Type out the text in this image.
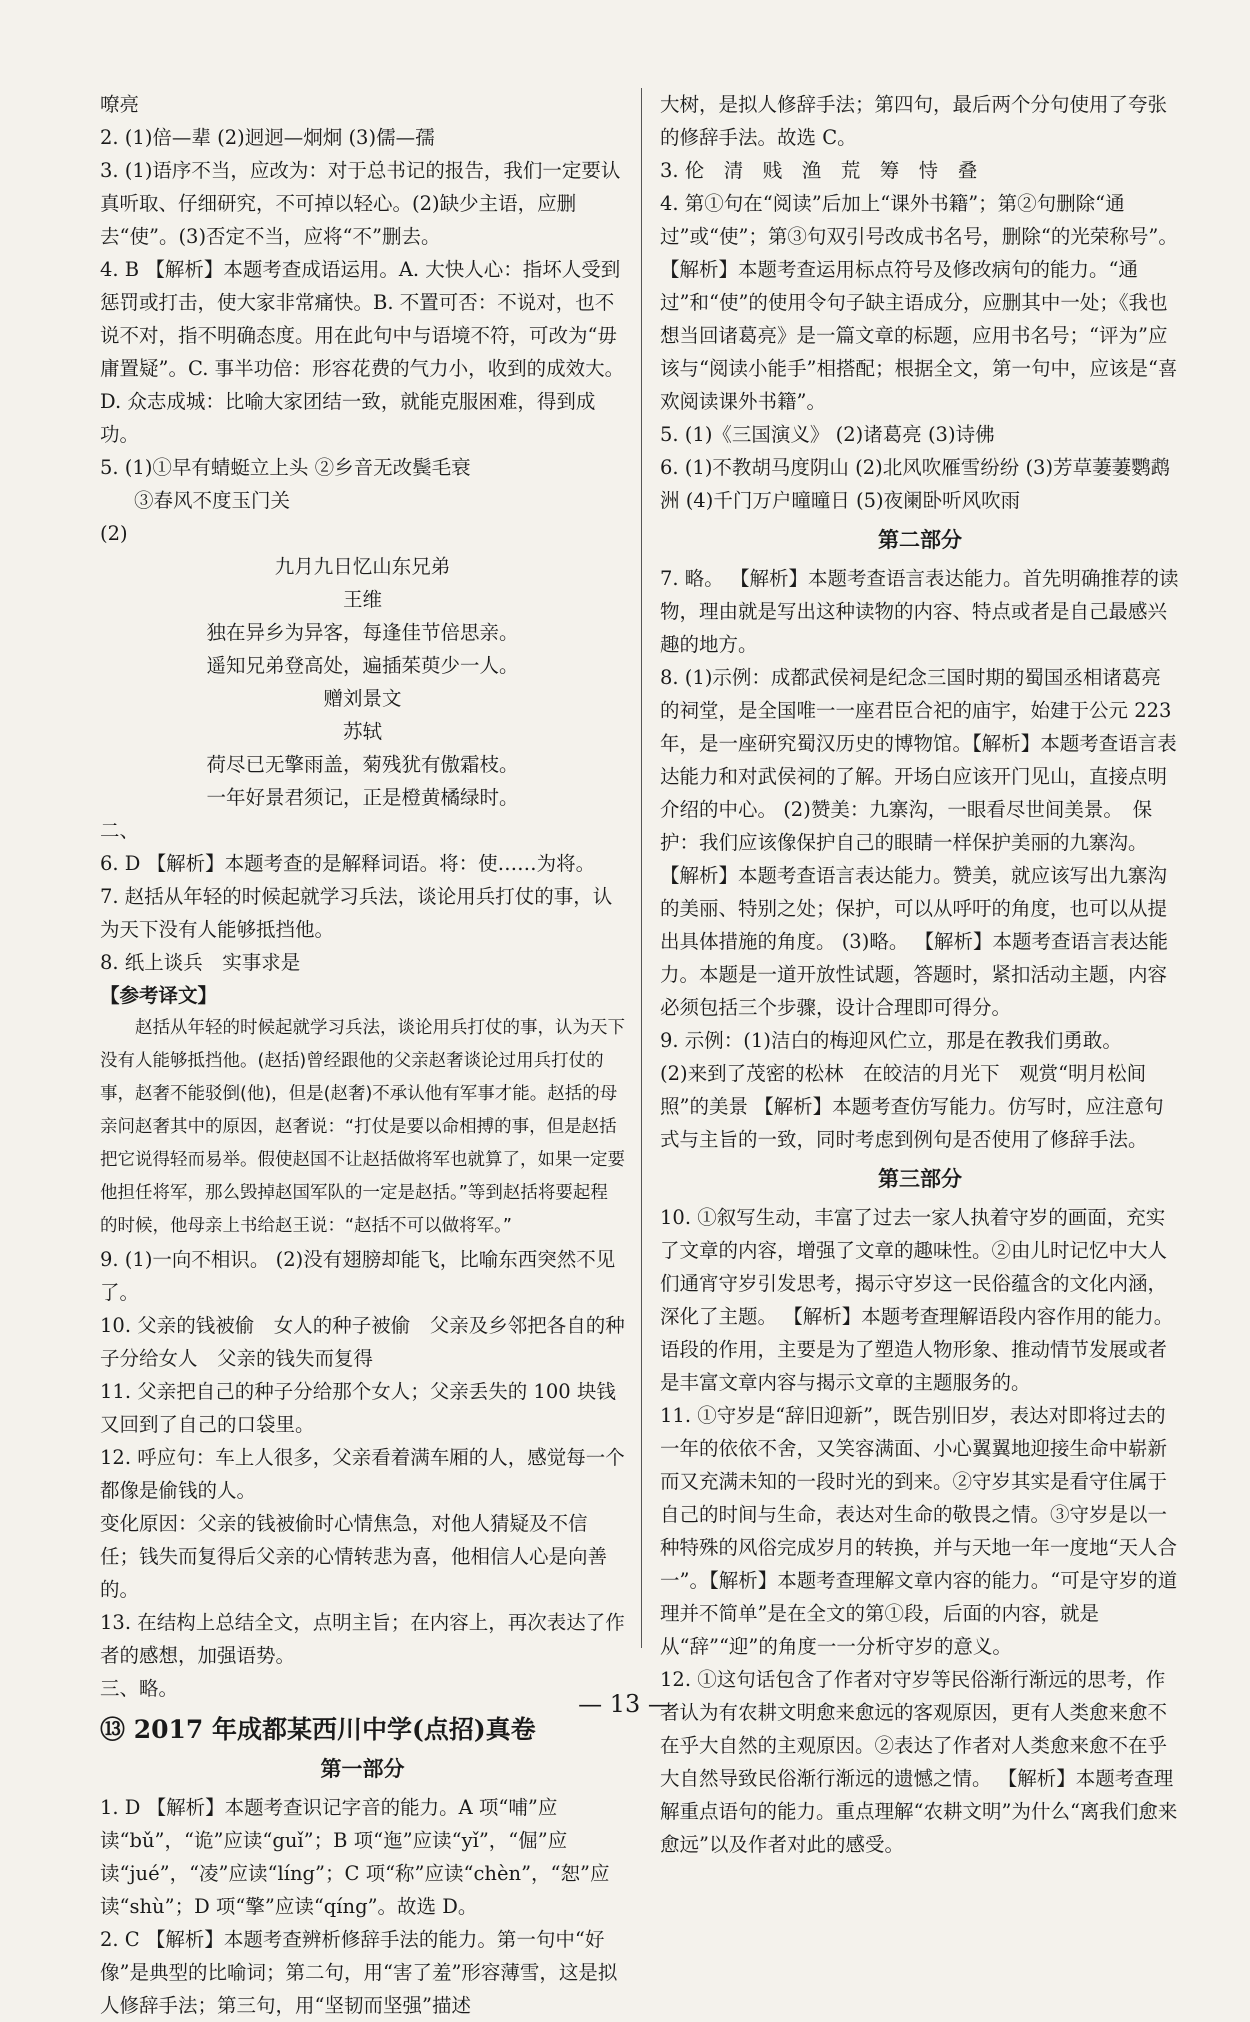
嘹亮

2. (1)倍—辈 (2)迥迥—炯炯 (3)儒—孺

3. (1)语序不当，应改为：对于总书记的报告，我们一定要认真听取、仔细研究，不可掉以轻心。(2)缺少主语，应删去“使”。(3)否定不当，应将“不”删去。

4. B 【解析】本题考查成语运用。A. 大快人心：指坏人受到惩罚或打击，使大家非常痛快。B. 不置可否：不说对，也不说不对，指不明确态度。用在此句中与语境不符，可改为“毋庸置疑”。C. 事半功倍：形容花费的气力小，收到的成效大。D. 众志成城：比喻大家团结一致，就能克服困难，得到成功。

5. (1)①早有蜻蜓立上头 ②乡音无改鬓毛衰

③春风不度玉门关

(2)

九月九日忆山东兄弟

王维

独在异乡为异客，每逢佳节倍思亲。

遥知兄弟登高处，遍插茱萸少一人。

赠刘景文

苏轼

荷尽已无擎雨盖，菊残犹有傲霜枝。

一年好景君须记，正是橙黄橘绿时。

二、

6. D 【解析】本题考查的是解释词语。将：使……为将。

7. 赵括从年轻的时候起就学习兵法，谈论用兵打仗的事，认为天下没有人能够抵挡他。

8. 纸上谈兵　实事求是

【参考译文】

赵括从年轻的时候起就学习兵法，谈论用兵打仗的事，认为天下没有人能够抵挡他。(赵括)曾经跟他的父亲赵奢谈论过用兵打仗的事，赵奢不能驳倒(他)，但是(赵奢)不承认他有军事才能。赵括的母亲问赵奢其中的原因，赵奢说：“打仗是要以命相搏的事，但是赵括把它说得轻而易举。假使赵国不让赵括做将军也就算了，如果一定要他担任将军，那么毁掉赵国军队的一定是赵括。”等到赵括将要起程的时候，他母亲上书给赵王说：“赵括不可以做将军。”

9. (1)一向不相识。 (2)没有翅膀却能飞，比喻东西突然不见了。

10. 父亲的钱被偷　女人的种子被偷　父亲及乡邻把各自的种子分给女人　父亲的钱失而复得

11. 父亲把自己的种子分给那个女人；父亲丢失的 100 块钱又回到了自己的口袋里。

12. 呼应句：车上人很多，父亲看着满车厢的人，感觉每一个都像是偷钱的人。

变化原因：父亲的钱被偷时心情焦急，对他人猜疑及不信任；钱失而复得后父亲的心情转悲为喜，他相信人心是向善的。

13. 在结构上总结全文，点明主旨；在内容上，再次表达了作者的感想，加强语势。

三、略。

⑬ 2017 年成都某西川中学(点招)真卷

第一部分

1. D 【解析】本题考查识记字音的能力。A 项“哺”应读“bǔ”，“诡”应读“guǐ”；B 项“迤”应读“yǐ”，“倔”应读“jué”，“凌”应读“líng”；C 项“称”应读“chèn”，“恕”应读“shù”；D 项“擎”应读“qíng”。故选 D。

2. C 【解析】本题考查辨析修辞手法的能力。第一句中“好像”是典型的比喻词；第二句，用“害了羞”形容薄雪，这是拟人修辞手法；第三句，用“坚韧而坚强”描述

大树，是拟人修辞手法；第四句，最后两个分句使用了夸张的修辞手法。故选 C。

3. 伦　清　贱　渔　荒　筹　恃　叠

4. 第①句在“阅读”后加上“课外书籍”；第②句删除“通过”或“使”；第③句双引号改成书名号，删除“的光荣称号”。【解析】本题考查运用标点符号及修改病句的能力。“通过”和“使”的使用令句子缺主语成分，应删其中一处；《我也想当回诸葛亮》是一篇文章的标题，应用书名号；“评为”应该与“阅读小能手”相搭配；根据全文，第一句中，应该是“喜欢阅读课外书籍”。

5. (1)《三国演义》 (2)诸葛亮 (3)诗佛

6. (1)不教胡马度阴山 (2)北风吹雁雪纷纷 (3)芳草萋萋鹦鹉洲 (4)千门万户曈曈日 (5)夜阑卧听风吹雨

第二部分

7. 略。 【解析】本题考查语言表达能力。首先明确推荐的读物，理由就是写出这种读物的内容、特点或者是自己最感兴趣的地方。

8. (1)示例：成都武侯祠是纪念三国时期的蜀国丞相诸葛亮的祠堂，是全国唯一一座君臣合祀的庙宇，始建于公元 223 年，是一座研究蜀汉历史的博物馆。【解析】本题考查语言表达能力和对武侯祠的了解。开场白应该开门见山，直接点明介绍的中心。 (2)赞美：九寨沟，一眼看尽世间美景。　保护：我们应该像保护自己的眼睛一样保护美丽的九寨沟。 【解析】本题考查语言表达能力。赞美，就应该写出九寨沟的美丽、特别之处；保护，可以从呼吁的角度，也可以从提出具体措施的角度。 (3)略。 【解析】本题考查语言表达能力。本题是一道开放性试题，答题时，紧扣活动主题，内容必须包括三个步骤，设计合理即可得分。

9. 示例：(1)洁白的梅迎风伫立，那是在教我们勇敢。

(2)来到了茂密的松林　在皎洁的月光下　观赏“明月松间照”的美景 【解析】本题考查仿写能力。仿写时，应注意句式与主旨的一致，同时考虑到例句是否使用了修辞手法。

第三部分

10. ①叙写生动，丰富了过去一家人执着守岁的画面，充实了文章的内容，增强了文章的趣味性。②由儿时记忆中大人们通宵守岁引发思考，揭示守岁这一民俗蕴含的文化内涵，深化了主题。 【解析】本题考查理解语段内容作用的能力。语段的作用，主要是为了塑造人物形象、推动情节发展或者是丰富文章内容与揭示文章的主题服务的。

11. ①守岁是“辞旧迎新”，既告别旧岁，表达对即将过去的一年的依依不舍，又笑容满面、小心翼翼地迎接生命中崭新而又充满未知的一段时光的到来。②守岁其实是看守住属于自己的时间与生命，表达对生命的敬畏之情。③守岁是以一种特殊的风俗完成岁月的转换，并与天地一年一度地“天人合一”。【解析】本题考查理解文章内容的能力。“可是守岁的道理并不简单”是在全文的第①段，后面的内容，就是从“辞”“迎”的角度一一分析守岁的意义。

12. ①这句话包含了作者对守岁等民俗渐行渐远的思考，作者认为有农耕文明愈来愈远的客观原因，更有人类愈来愈不在乎大自然的主观原因。②表达了作者对人类愈来愈不在乎大自然导致民俗渐行渐远的遗憾之情。 【解析】本题考查理解重点语句的能力。重点理解“农耕文明”为什么“离我们愈来愈远”以及作者对此的感受。

— 13 —
